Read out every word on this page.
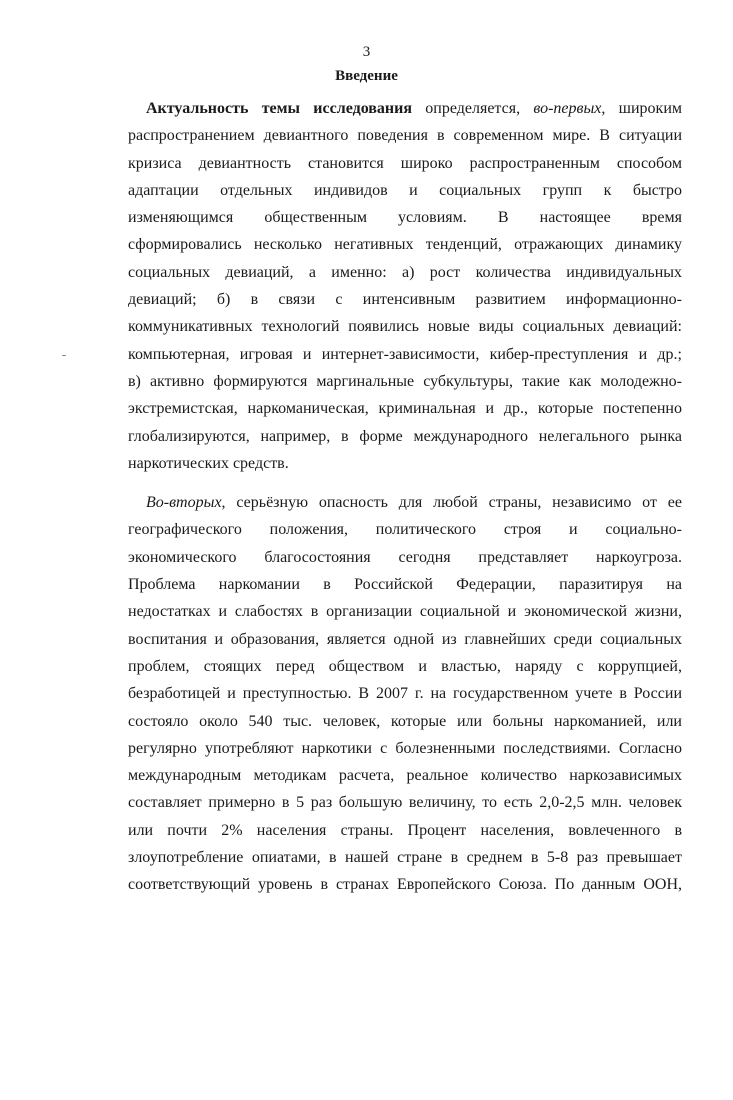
3

Введение
Актуальность темы исследования определяется, во-первых, широким
распространением девиантного поведения в современном мире. В ситуации
кризиса девиантность становится широко распространенным способом
адаптации отдельных индивидов и социальных групп к быстро
изменяющимся общественным условиям. В настоящее время
сформировались несколько негативных тенденций, отражающих динамику
социальных девиаций, а именно: а) рост количества индивидуальных
девиаций; б) в связи с интенсивным развитием информационно-
коммуникативных технологий появились новые виды социальных девиаций:
компьютерная, игровая и интернет-зависимости, кибер-преступления и др.;
в) активно формируются маргинальные субкультуры, такие как молодежно-
экстремистская, наркоманическая, криминальная и др., которые постепенно
глобализируются, например, в форме международного нелегального рынка
наркотических средств.
Во-вторых, серьёзную опасность для любой страны, независимо от ее
географического положения, политического строя и социально-
экономического благосостояния сегодня представляет наркоугроза.
Проблема наркомании в Российской Федерации, паразитируя на
недостатках и слабостях в организации социальной и экономической жизни,
воспитания и образования, является одной из главнейших среди социальных
проблем, стоящих перед обществом и властью, наряду с коррупцией,
безработицей и преступностью. В 2007 г. на государственном учете в России
состояло около 540 тыс. человек, которые или больны наркоманией, или
регулярно употребляют наркотики с болезненными последствиями. Согласно
международным методикам расчета, реальное количество наркозависимых
составляет примерно в 5 раз большую величину, то есть 2,0-2,5 млн. человек
или почти 2% населения страны. Процент населения, вовлеченного в
злоупотребление опиатами, в нашей стране в среднем в 5-8 раз превышает
соответствующий уровень в странах Европейского Союза. По данным ООН,
